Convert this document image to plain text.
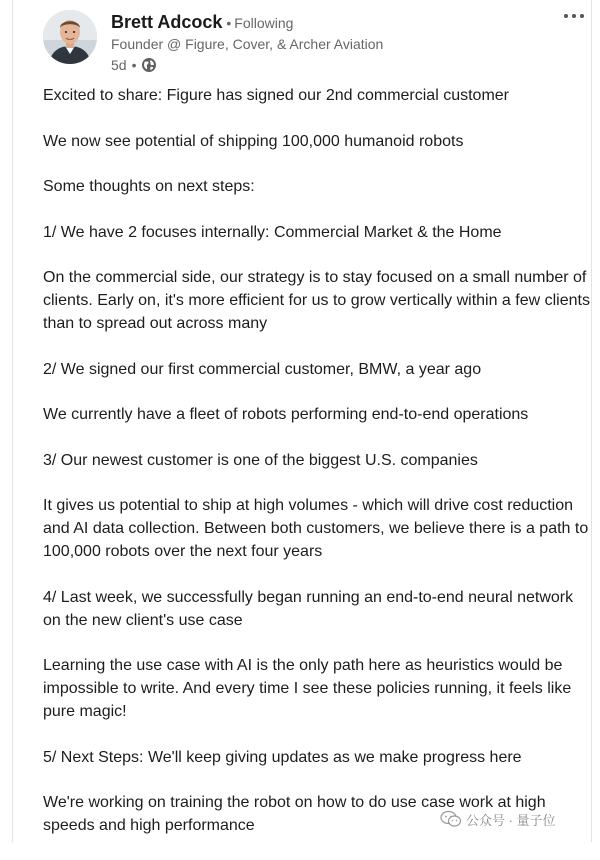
Brett Adcock • Following
Founder @ Figure, Cover, & Archer Aviation
5d •

Excited to share: Figure has signed our 2nd commercial customer

We now see potential of shipping 100,000 humanoid robots

Some thoughts on next steps:

1/ We have 2 focuses internally: Commercial Market & the Home

On the commercial side, our strategy is to stay focused on a small number of clients. Early on, it's more efficient for us to grow vertically within a few clients than to spread out across many

2/ We signed our first commercial customer, BMW, a year ago

We currently have a fleet of robots performing end-to-end operations

3/ Our newest customer is one of the biggest U.S. companies

It gives us potential to ship at high volumes - which will drive cost reduction and AI data collection. Between both customers, we believe there is a path to 100,000 robots over the next four years

4/ Last week, we successfully began running an end-to-end neural network on the new client's use case

Learning the use case with AI is the only path here as heuristics would be impossible to write. And every time I see these policies running, it feels like pure magic!

5/ Next Steps: We'll keep giving updates as we make progress here

We're working on training the robot on how to do use case work at high speeds and high performance	公众号 · 量子位
